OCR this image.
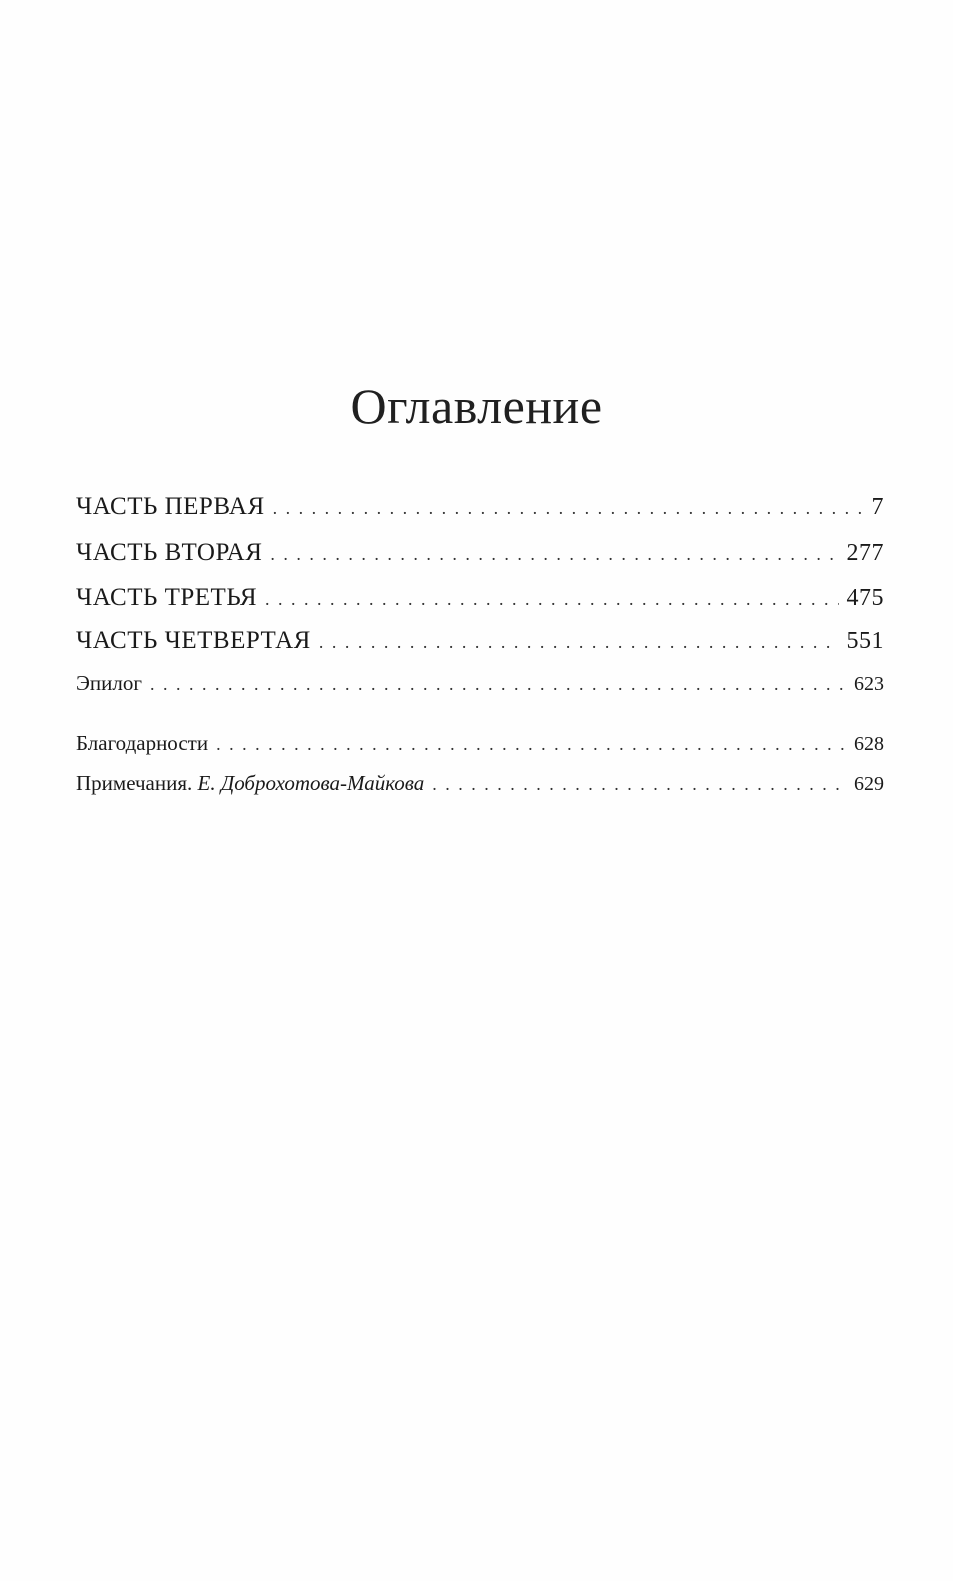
Оглавление
ЧАСТЬ ПЕРВАЯ . . .	7
ЧАСТЬ ВТОРАЯ . . .	277
ЧАСТЬ ТРЕТЬЯ . . .	475
ЧАСТЬ ЧЕТВЕРТАЯ . . .	551
Эпилог . . .	623
Благодарности . . .	628
Примечания. Е. Доброхотова-Майкова . . .	629
